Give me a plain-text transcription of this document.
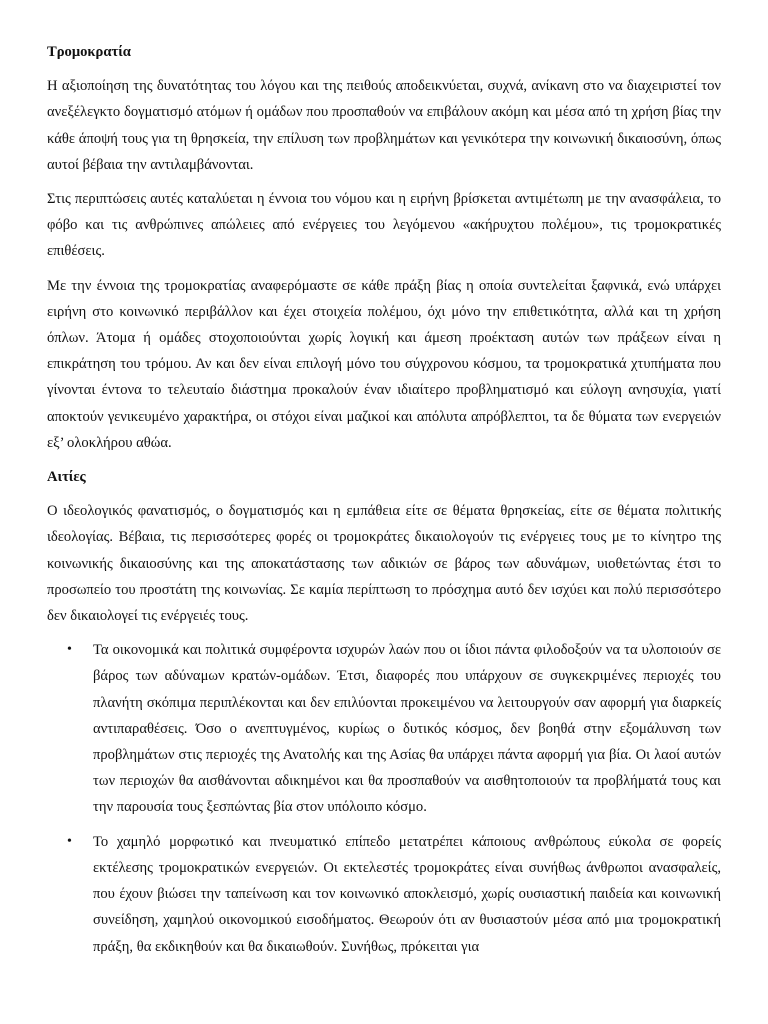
Τρομοκρατία

Η αξιοποίηση της δυνατότητας του λόγου και της πειθούς αποδεικνύεται, συχνά, ανίκανη στο να διαχειριστεί τον ανεξέλεγκτο δογματισμό ατόμων ή ομάδων που προσπαθούν να επιβάλουν ακόμη και μέσα από τη χρήση βίας την κάθε άποψή τους για τη θρησκεία, την επίλυση των προβλημάτων και γενικότερα την κοινωνική δικαιοσύνη, όπως αυτοί βέβαια την αντιλαμβάνονται.

Στις περιπτώσεις αυτές καταλύεται η έννοια του νόμου και η ειρήνη βρίσκεται αντιμέτωπη με την ανασφάλεια, το φόβο και τις ανθρώπινες απώλειες από ενέργειες του λεγόμενου «ακήρυχτου πολέμου», τις τρομοκρατικές επιθέσεις.

Με την έννοια της τρομοκρατίας αναφερόμαστε σε κάθε πράξη βίας η οποία συντελείται ξαφνικά, ενώ υπάρχει ειρήνη στο κοινωνικό περιβάλλον και έχει στοιχεία πολέμου, όχι μόνο την επιθετικότητα, αλλά και τη χρήση όπλων. Άτομα ή ομάδες στοχοποιούνται χωρίς λογική και άμεση προέκταση αυτών των πράξεων είναι η επικράτηση του τρόμου. Αν και δεν είναι επιλογή μόνο του σύγχρονου κόσμου, τα τρομοκρατικά χτυπήματα που γίνονται έντονα το τελευταίο διάστημα προκαλούν έναν ιδιαίτερο προβληματισμό και εύλογη ανησυχία, γιατί αποκτούν γενικευμένο χαρακτήρα, οι στόχοι είναι μαζικοί και απόλυτα απρόβλεπτοι, τα δε θύματα των ενεργειών εξ’ ολοκλήρου αθώα.

Αιτίες

Ο ιδεολογικός φανατισμός, ο δογματισμός και η εμπάθεια είτε σε θέματα θρησκείας, είτε σε θέματα πολιτικής ιδεολογίας. Βέβαια, τις περισσότερες φορές οι τρομοκράτες δικαιολογούν τις ενέργειες τους με το κίνητρο της κοινωνικής δικαιοσύνης και της αποκατάστασης των αδικιών σε βάρος των αδυνάμων, υιοθετώντας έτσι το προσωπείο του προστάτη της κοινωνίας. Σε καμία περίπτωση το πρόσχημα αυτό δεν ισχύει και πολύ περισσότερο δεν δικαιολογεί τις ενέργειές τους.

• Τα οικονομικά και πολιτικά συμφέροντα ισχυρών λαών που οι ίδιοι πάντα φιλοδοξούν να τα υλοποιούν σε βάρος των αδύναμων κρατών-ομάδων. Έτσι, διαφορές που υπάρχουν σε συγκεκριμένες περιοχές του πλανήτη σκόπιμα περιπλέκονται και δεν επιλύονται προκειμένου να λειτουργούν σαν αφορμή για διαρκείς αντιπαραθέσεις. Όσο ο ανεπτυγμένος, κυρίως ο δυτικός κόσμος, δεν βοηθά στην εξομάλυνση των προβλημάτων στις περιοχές της Ανατολής και της Ασίας θα υπάρχει πάντα αφορμή για βία. Οι λαοί αυτών των περιοχών θα αισθάνονται αδικημένοι και θα προσπαθούν να αισθητοποιούν τα προβλήματά τους και την παρουσία τους ξεσπώντας βία στον υπόλοιπο κόσμο.
• Το χαμηλό μορφωτικό και πνευματικό επίπεδο μετατρέπει κάποιους ανθρώπους εύκολα σε φορείς εκτέλεσης τρομοκρατικών ενεργειών. Οι εκτελεστές τρομοκράτες είναι συνήθως άνθρωποι ανασφαλείς, που έχουν βιώσει την ταπείνωση και τον κοινωνικό αποκλεισμό, χωρίς ουσιαστική παιδεία και κοινωνική συνείδηση, χαμηλού οικονομικού εισοδήματος. Θεωρούν ότι αν θυσιαστούν μέσα από μια τρομοκρατική πράξη, θα εκδικηθούν και θα δικαιωθούν. Συνήθως, πρόκειται για
